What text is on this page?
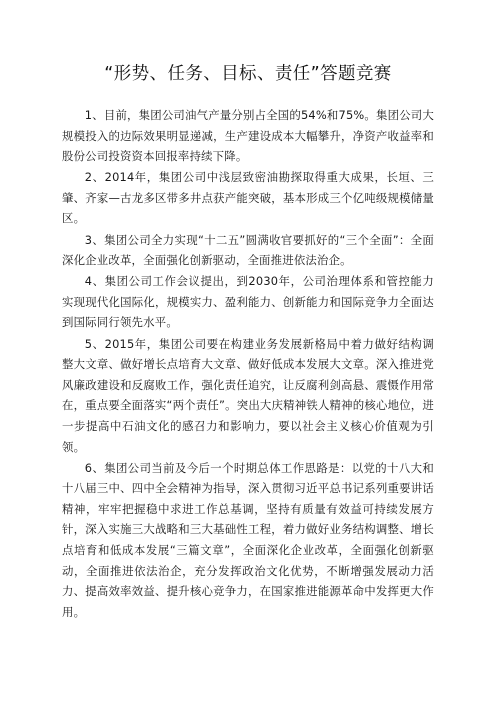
“形势、任务、目标、责任”答题竞赛

1、目前，集团公司油气产量分别占全国的54%和75%。集团公司大规模投入的边际效果明显递减，生产建设成本大幅攀升，净资产收益率和股份公司投资资本回报率持续下降。

2、2014年，集团公司中浅层致密油勘探取得重大成果，长垣、三肇、齐家—古龙多区带多井点获产能突破，基本形成三个亿吨级规模储量区。

3、集团公司全力实现“十二五”圆满收官要抓好的“三个全面”：全面深化企业改革，全面强化创新驱动，全面推进依法治企。

4、集团公司工作会议提出，到2030年，公司治理体系和管控能力实现现代化国际化，规模实力、盈利能力、创新能力和国际竞争力全面达到国际同行领先水平。

5、2015年，集团公司要在构建业务发展新格局中着力做好结构调整大文章、做好增长点培育大文章、做好低成本发展大文章。深入推进党风廉政建设和反腐败工作，强化责任追究，让反腐利剑高悬、震慑作用常在，重点要全面落实“两个责任”。突出大庆精神铁人精神的核心地位，进一步提高中石油文化的感召力和影响力，要以社会主义核心价值观为引领。

6、集团公司当前及今后一个时期总体工作思路是：以党的十八大和十八届三中、四中全会精神为指导，深入贯彻习近平总书记系列重要讲话精神，牢牢把握稳中求进工作总基调，坚持有质量有效益可持续发展方针，深入实施三大战略和三大基础性工程，着力做好业务结构调整、增长点培育和低成本发展“三篇文章”，全面深化企业改革，全面强化创新驱动，全面推进依法治企，充分发挥政治文化优势，不断增强发展动力活力、提高效率效益、提升核心竞争力，在国家推进能源革命中发挥更大作用。
